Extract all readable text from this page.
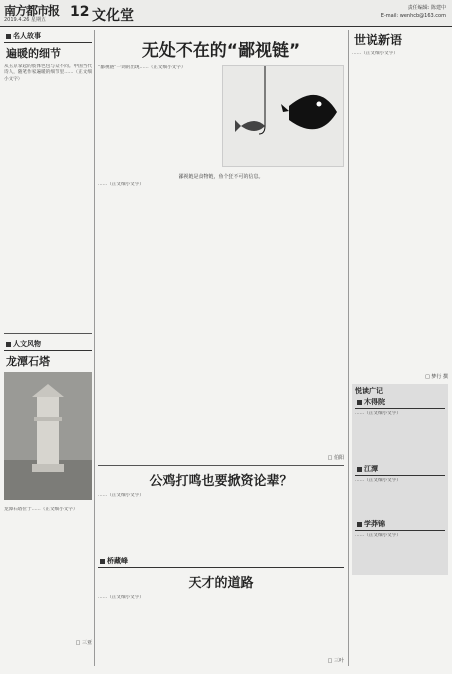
南方都市报
2019.4.26 星期五 12 文化堂	责任编辑: 陈建中
E-mail: wenhcb@163.com
名人故事
遍暖的细节
从玉京掌起的肢体色包与众不同。中国当代诗人，随笔作家遍暖的细节里……（正文细小文字）
人文风物
龙潭石塔
龙潭石塔位于……（正文细小文字）
□ 三亚
无处不在的“鄙视链”
“鄙视链”一词的出现……（正文细小文字）
鄙视链是食物链，鱼个狂不可的信息。
……（正文细小文字）
□ 伯阳
公鸡打鸣也要掀资论辈？
……（正文细小文字）
桥藏峰
天才的道路
……（正文细小文字）
□ 三叶
世说新语
……（正文细小文字）
□ 梦行 撰
悦读广记
木得院
……（正文细小文字）
江潭
……（正文细小文字）
学莽锦
……（正文细小文字）
